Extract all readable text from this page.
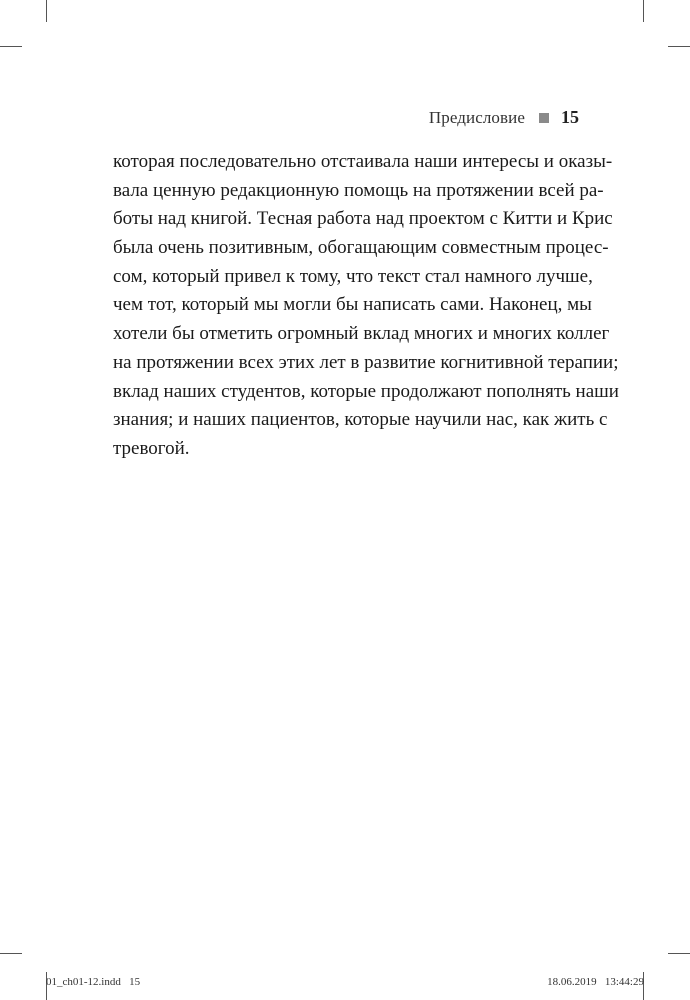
Предисловие 15
которая последовательно отстаивала наши интересы и оказы-
вала ценную редакционную помощь на протяжении всей ра-
боты над книгой. Тесная работа над проектом с Китти и Крис
была очень позитивным, обогащающим совместным процес-
сом, который привел к тому, что текст стал намного лучше,
чем тот, который мы могли бы написать сами. Наконец, мы
хотели бы отметить огромный вклад многих и многих коллег
на протяжении всех этих лет в развитие когнитивной терапии;
вклад наших студентов, которые продолжают пополнять наши
знания; и наших пациентов, которые научили нас, как жить с
тревогой.
01_ch01-12.indd   15	18.06.2019   13:44:29
